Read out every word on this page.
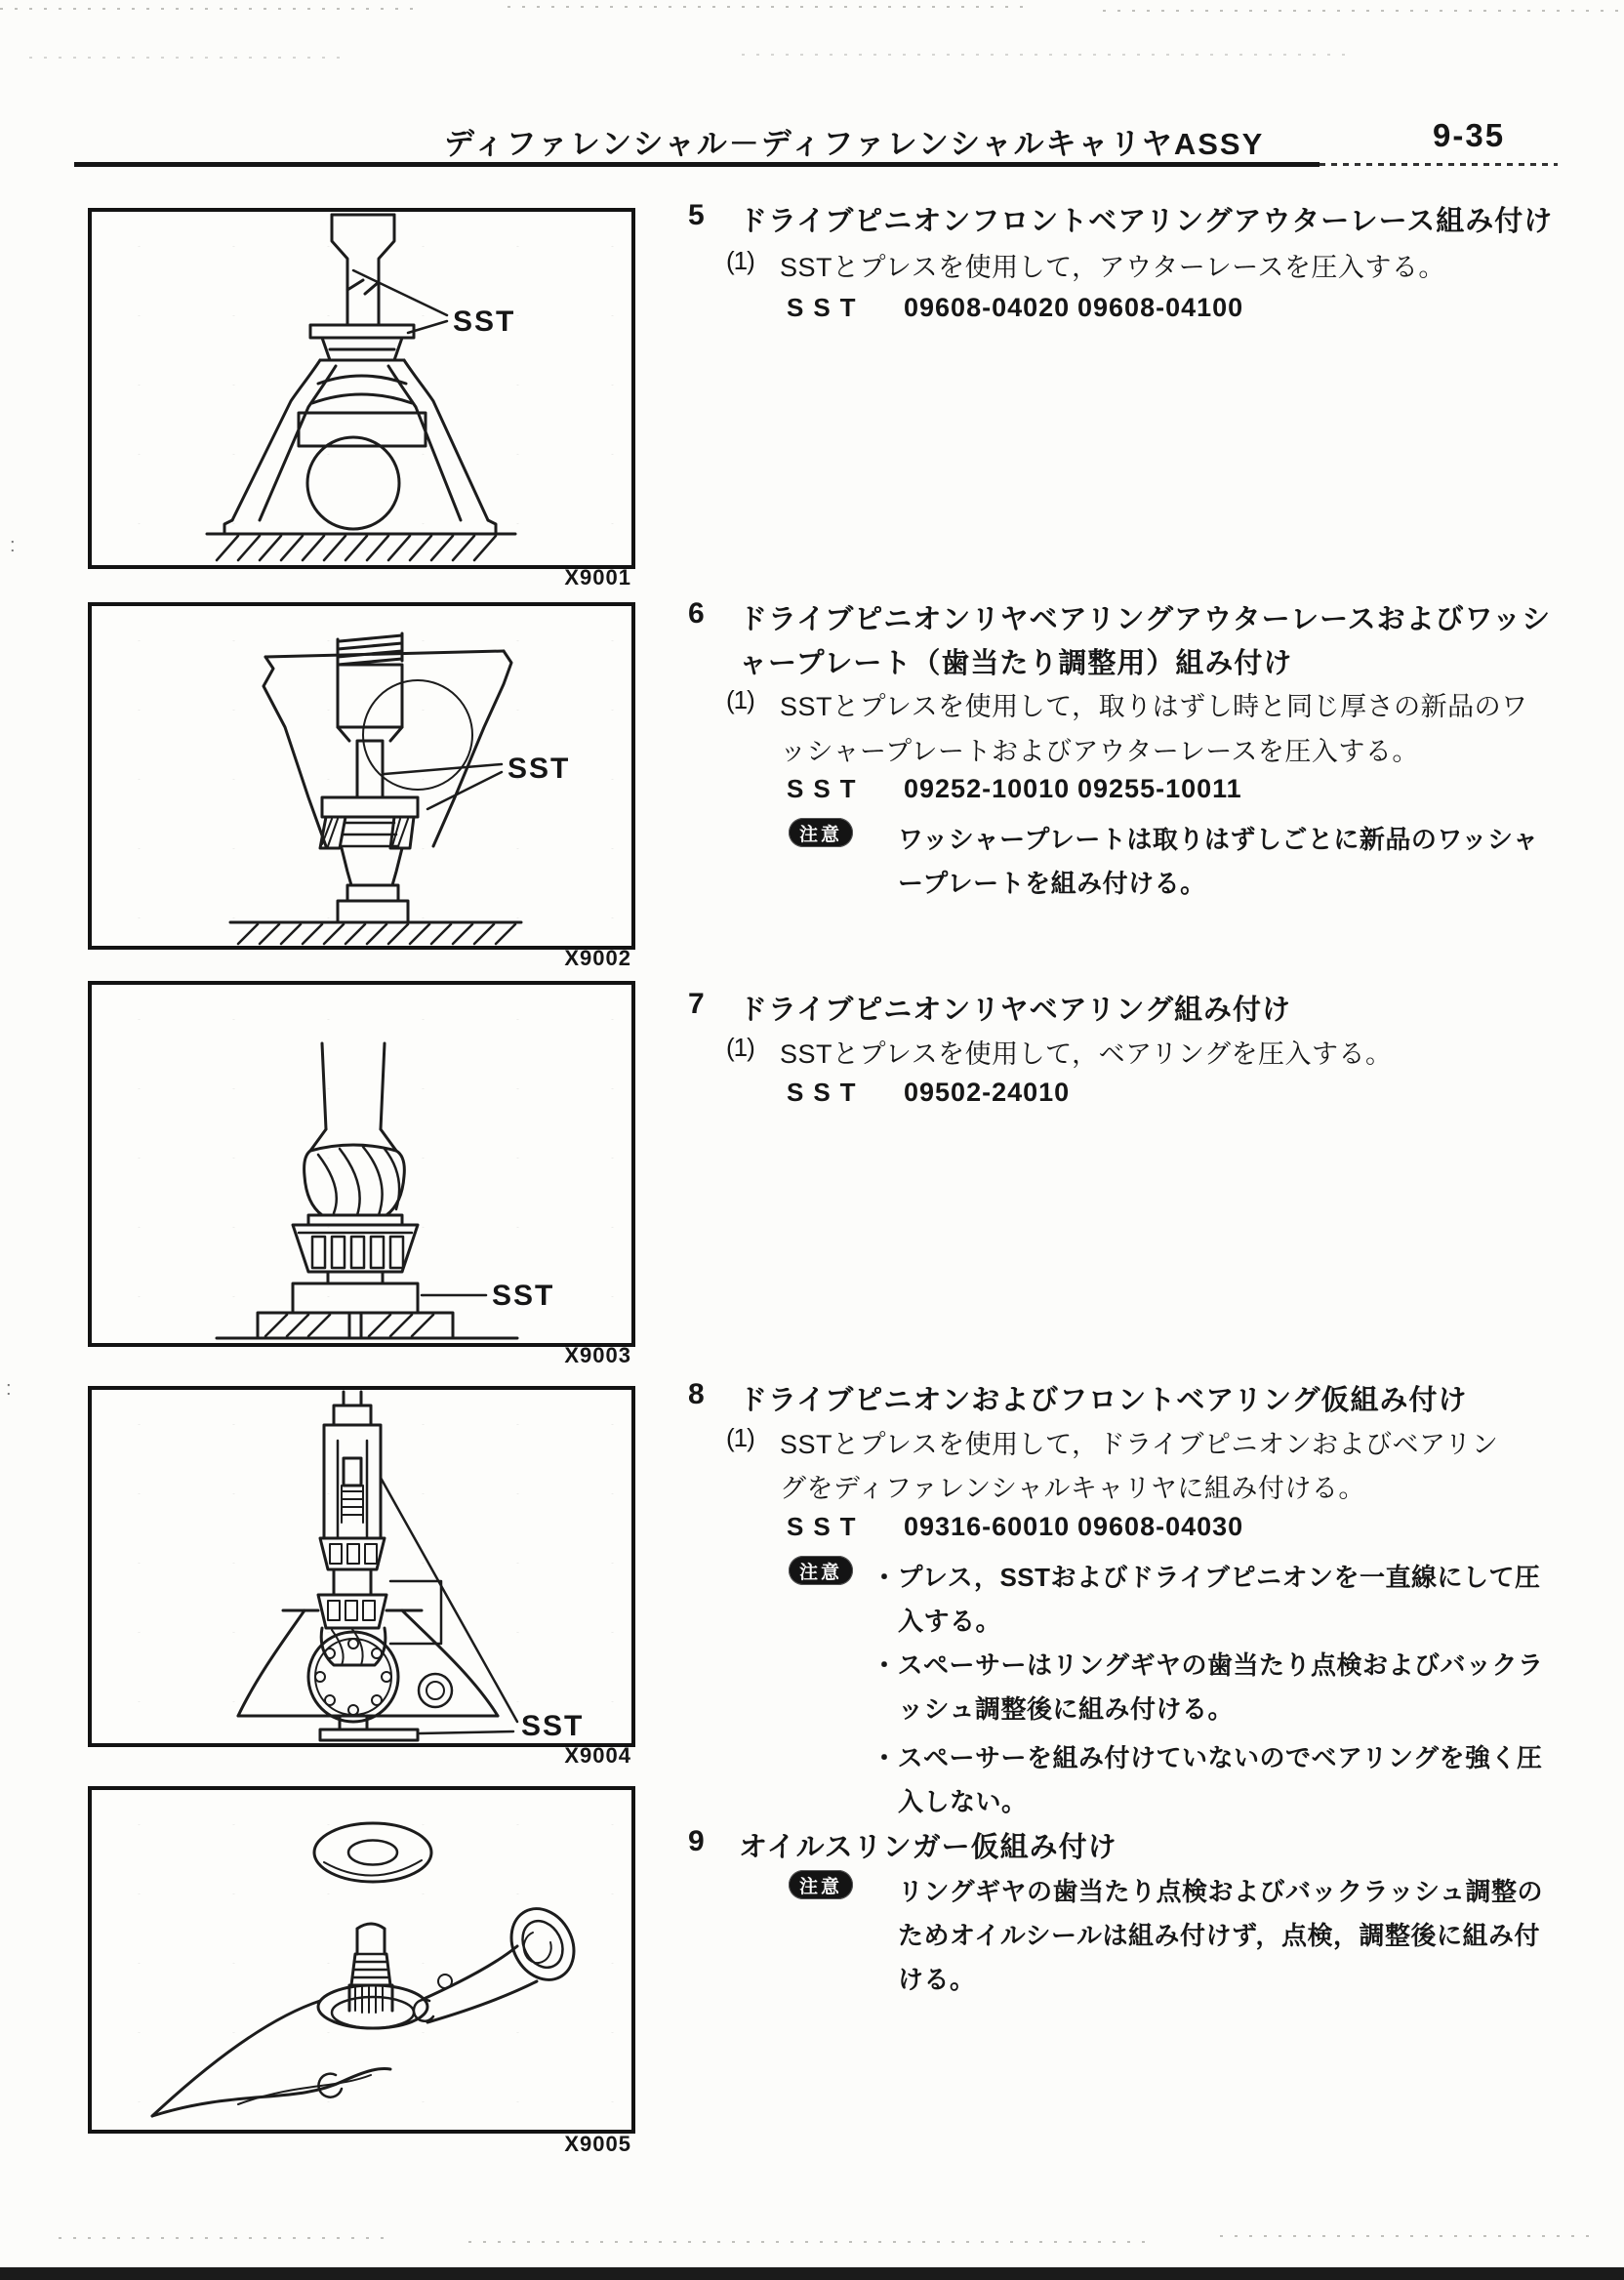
:
:
ディファレンシャル－ディファレンシャルキャリヤASSY	9-35
SST
X9001
SST
X9002
SST
X9003
SST
X9004
X9005
5 ドライブピニオンフロントベアリングアウターレース組み付け
(1) SSTとプレスを使用して，アウターレースを圧入する。
SST 09608-04020 09608-04100
6 ドライブピニオンリヤベアリングアウターレースおよびワッシ
ャープレート（歯当たり調整用）組み付け
(1) SSTとプレスを使用して，取りはずし時と同じ厚さの新品のワ
ッシャープレートおよびアウターレースを圧入する。
SST 09252-10010 09255-10011
注意	ワッシャープレートは取りはずしごとに新品のワッシャ
ープレートを組み付ける。
7 ドライブピニオンリヤベアリング組み付け
(1) SSTとプレスを使用して，ベアリングを圧入する。
SST 09502-24010
8 ドライブピニオンおよびフロントベアリング仮組み付け
(1) SSTとプレスを使用して，ドライブピニオンおよびベアリン
グをディファレンシャルキャリヤに組み付ける。
SST 09316-60010 09608-04030
注意	・プレス，SSTおよびドライブピニオンを一直線にして圧
入する。
・スペーサーはリングギヤの歯当たり点検およびバックラ
ッシュ調整後に組み付ける。
・スペーサーを組み付けていないのでベアリングを強く圧
入しない。
9 オイルスリンガー仮組み付け
注意	リングギヤの歯当たり点検およびバックラッシュ調整の
ためオイルシールは組み付けず，点検，調整後に組み付
ける。
